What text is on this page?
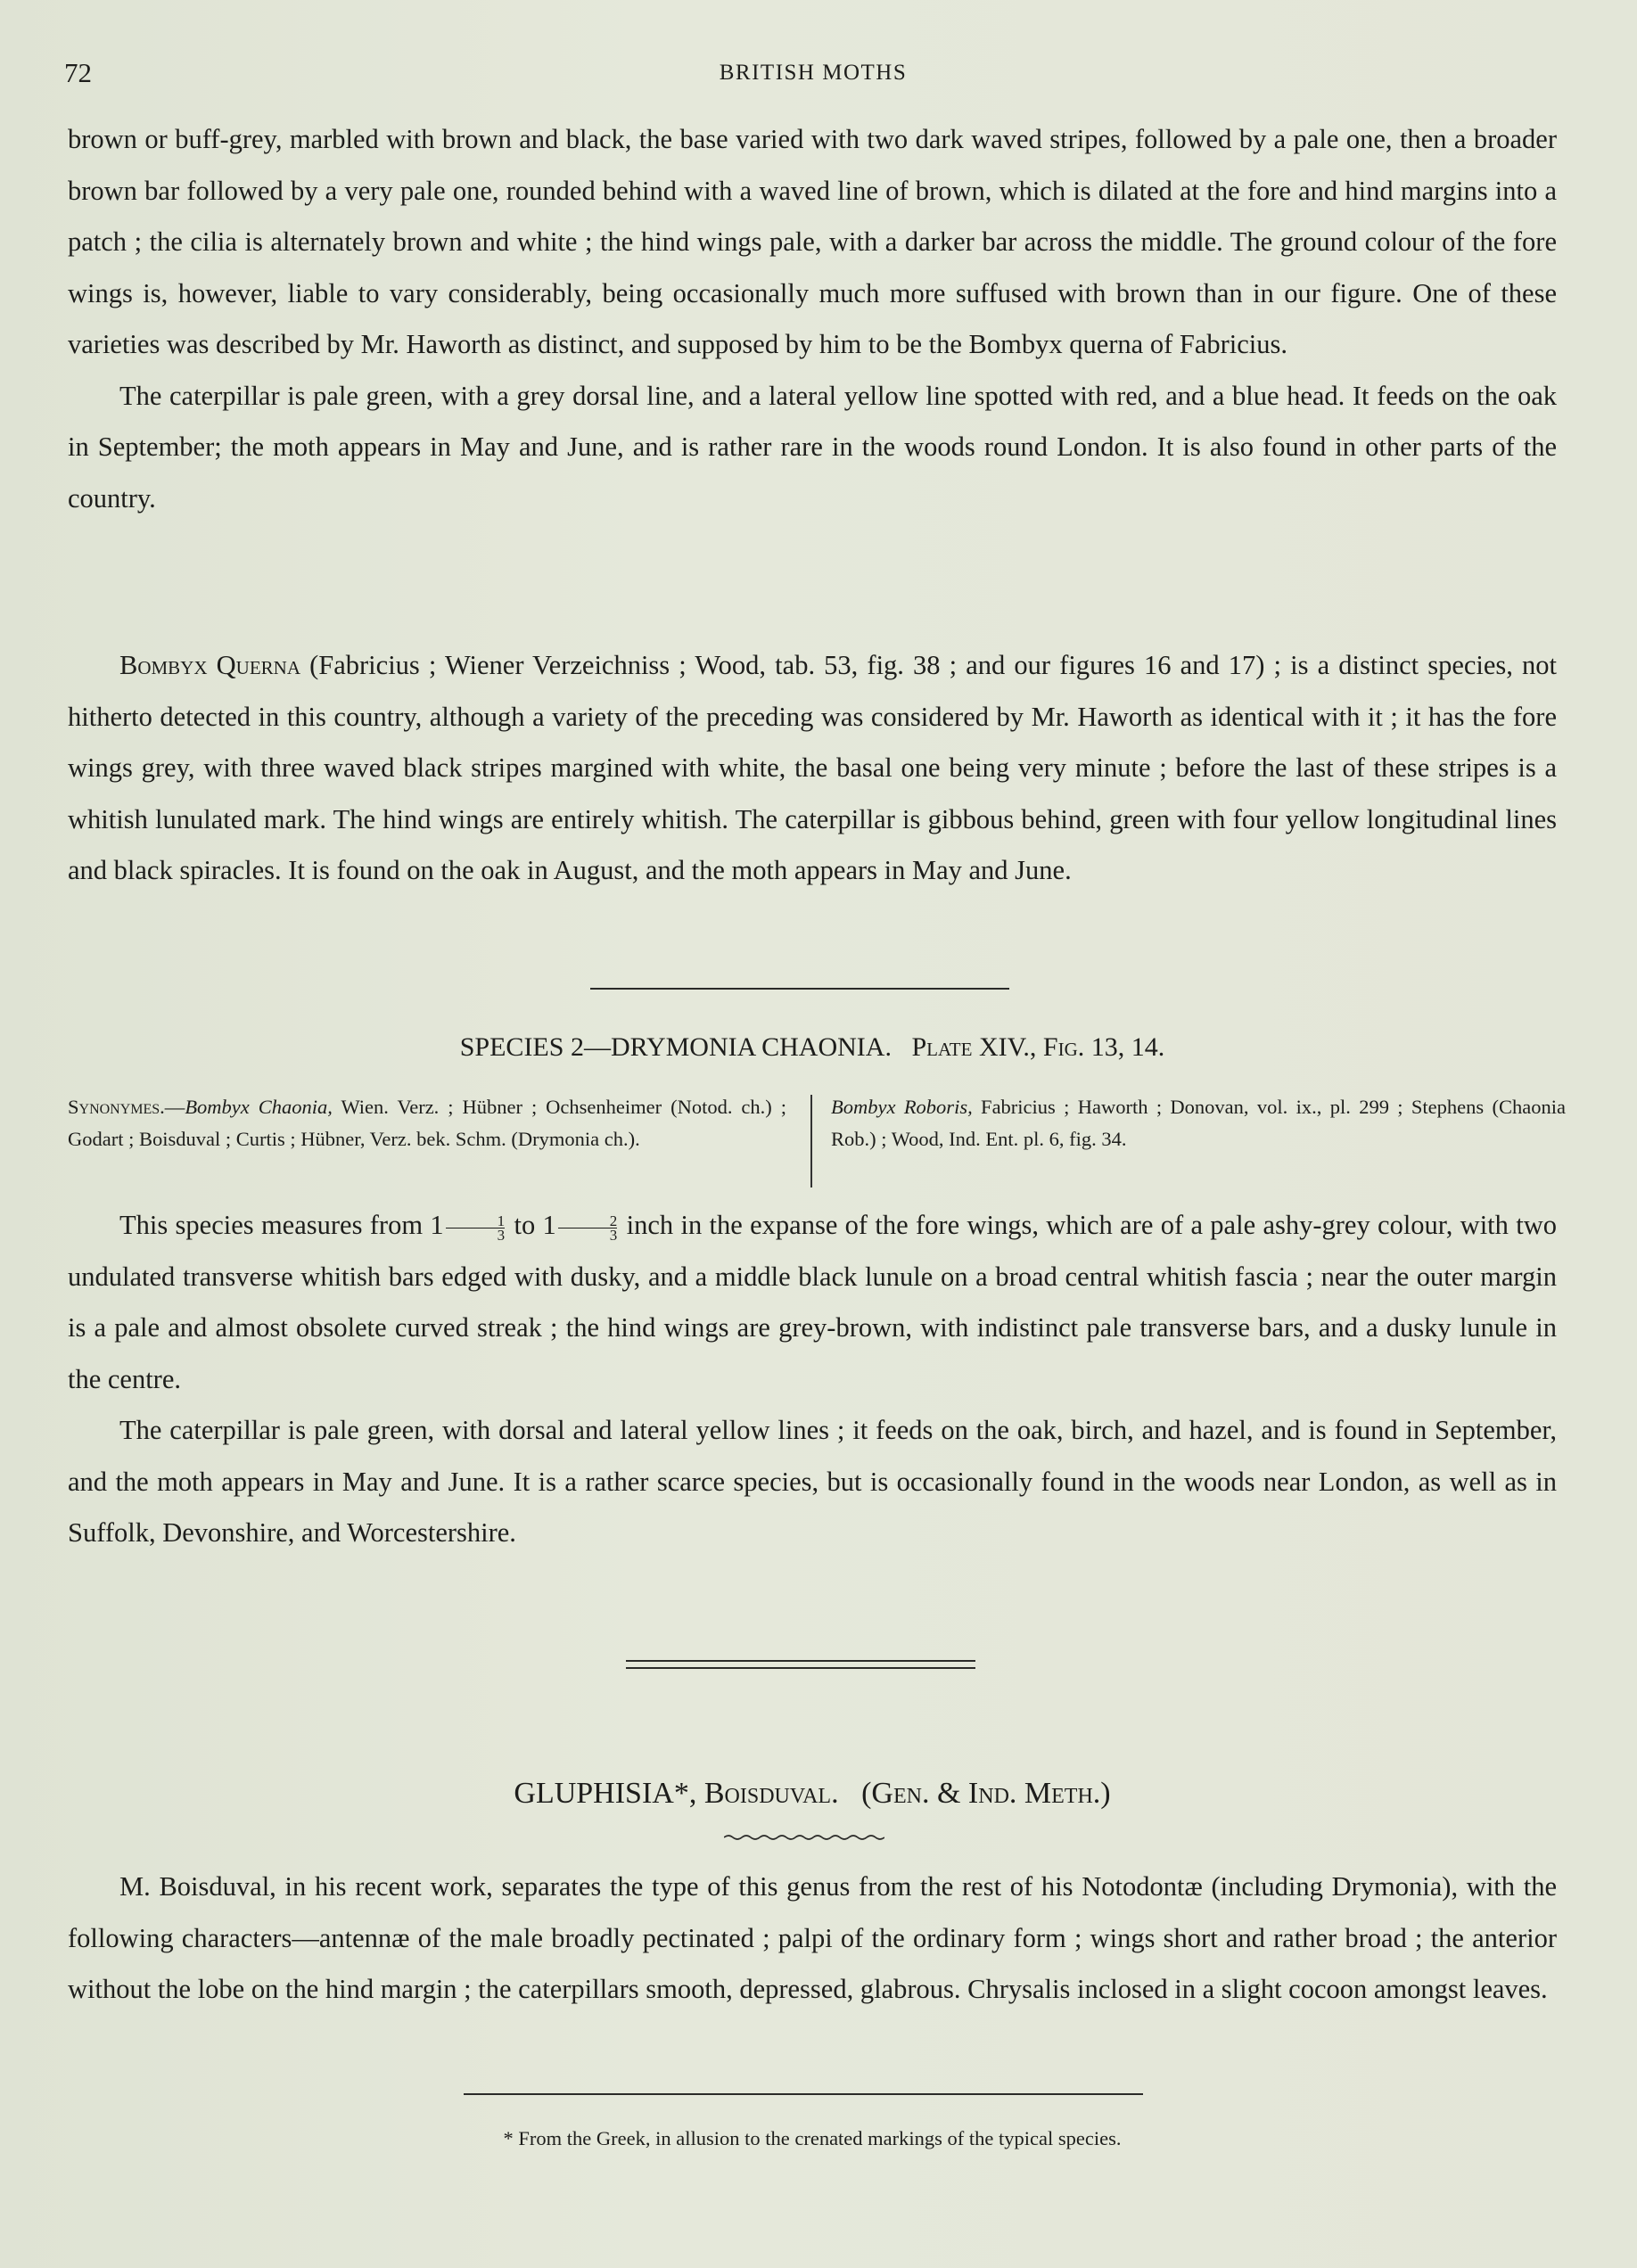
72	BRITISH MOTHS

brown or buff-grey, marbled with brown and black, the base varied with two dark waved stripes, followed by a pale one, then a broader brown bar followed by a very pale one, rounded behind with a waved line of brown, which is dilated at the fore and hind margins into a patch ; the cilia is alternately brown and white ; the hind wings pale, with a darker bar across the middle. The ground colour of the fore wings is, however, liable to vary considerably, being occasionally much more suffused with brown than in our figure. One of these varieties was described by Mr. Haworth as distinct, and supposed by him to be the Bombyx querna of Fabricius.

The caterpillar is pale green, with a grey dorsal line, and a lateral yellow line spotted with red, and a blue head. It feeds on the oak in September; the moth appears in May and June, and is rather rare in the woods round London. It is also found in other parts of the country.

Bombyx Querna (Fabricius ; Wiener Verzeichniss ; Wood, tab. 53, fig. 38 ; and our figures 16 and 17) ; is a distinct species, not hitherto detected in this country, although a variety of the preceding was considered by Mr. Haworth as identical with it ; it has the fore wings grey, with three waved black stripes margined with white, the basal one being very minute ; before the last of these stripes is a whitish lunulated mark. The hind wings are entirely whitish. The caterpillar is gibbous behind, green with four yellow longitudinal lines and black spiracles. It is found on the oak in August, and the moth appears in May and June.

SPECIES 2—DRYMONIA CHAONIA. Plate XIV., Fig. 13, 14.
Synonymes.—Bombyx Chaonia, Wien. Verz. ; Hübner ; Ochsenheimer (Notod. ch.) ; Godart ; Boisduval ; Curtis ; Hübner, Verz. bek. Schm. (Drymonia ch.).
Bombyx Roboris, Fabricius ; Haworth ; Donovan, vol. ix., pl. 299 ; Stephens (Chaonia Rob.) ; Wood, Ind. Ent. pl. 6, fig. 34.

This species measures from $1 \frac{1}{3}$ to $1 \frac{2}{3}$ inch in the expanse of the fore wings, which are of a pale ashy-grey colour, with two undulated transverse whitish bars edged with dusky, and a middle black lunule on a broad central whitish fascia ; near the outer margin is a pale and almost obsolete curved streak ; the hind wings are grey-brown, with indistinct pale transverse bars, and a dusky lunule in the centre.

The caterpillar is pale green, with dorsal and lateral yellow lines ; it feeds on the oak, birch, and hazel, and is found in September, and the moth appears in May and June. It is a rather scarce species, but is occasionally found in the woods near London, as well as in Suffolk, Devonshire, and Worcestershire.

GLUPHISIA*, Boisduval. (Gen. & Ind. Meth.)

M. Boisduval, in his recent work, separates the type of this genus from the rest of his Notodontæ (including Drymonia), with the following characters—antennæ of the male broadly pectinated ; palpi of the ordinary form ; wings short and rather broad ; the anterior without the lobe on the hind margin ; the caterpillars smooth, depressed, glabrous. Chrysalis inclosed in a slight cocoon amongst leaves.

* From the Greek, in allusion to the crenated markings of the typical species.
